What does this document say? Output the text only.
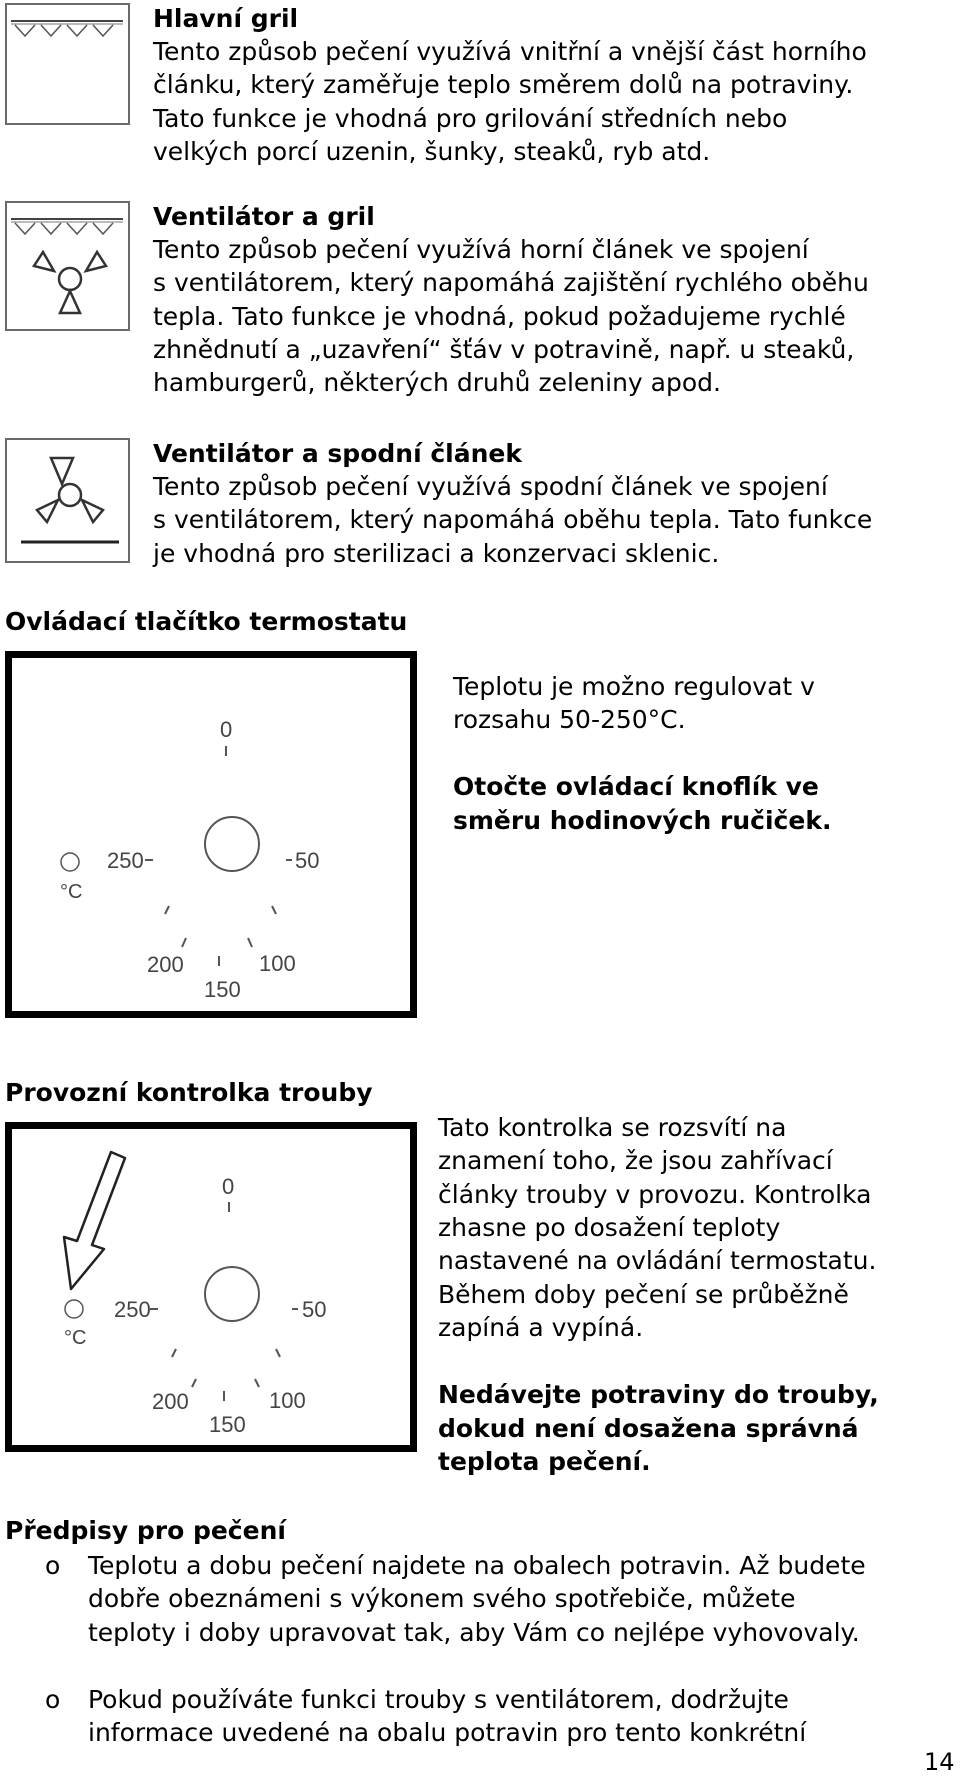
Hlavní gril
Tento způsob pečení využívá vnitřní a vnější část horního
článku, který zaměřuje teplo směrem dolů na potraviny.
Tato funkce je vhodná pro grilování středních nebo
velkých porcí uzenin, šunky, steaků, ryb atd.
Ventilátor a gril
Tento způsob pečení využívá horní článek ve spojení
s ventilátorem, který napomáhá zajištění rychlého oběhu
tepla. Tato funkce je vhodná, pokud požadujeme rychlé
zhnědnutí a „uzavření“ šťáv v potravině, např. u steaků,
hamburgerů, některých druhů zeleniny apod.
Ventilátor a spodní článek
Tento způsob pečení využívá spodní článek ve spojení
s ventilátorem, který napomáhá oběhu tepla. Tato funkce
je vhodná pro sterilizaci a konzervaci sklenic.
Ovládací tlačítko termostatu
0
50
100
150
200
250
°C
Teplotu je možno regulovat v
rozsahu 50-250°C.
Otočte ovládací knoflík ve
směru hodinových ručiček.
Provozní kontrolka trouby
0
50
100
150
200
250
°C
Tato kontrolka se rozsvítí na
znamení toho, že jsou zahřívací
články trouby v provozu. Kontrolka
zhasne po dosažení teploty
nastavené na ovládání termostatu.
Během doby pečení se průběžně
zapíná a vypíná.
Nedávejte potraviny do trouby,
dokud není dosažena správná
teplota pečení.
Předpisy pro pečení
o Teplotu a dobu pečení najdete na obalech potravin. Až budete
dobře obeznámeni s výkonem svého spotřebiče, můžete
teploty i doby upravovat tak, aby Vám co nejlépe vyhovovaly.
o Pokud používáte funkci trouby s ventilátorem, dodržujte
informace uvedené na obalu potravin pro tento konkrétní
14
